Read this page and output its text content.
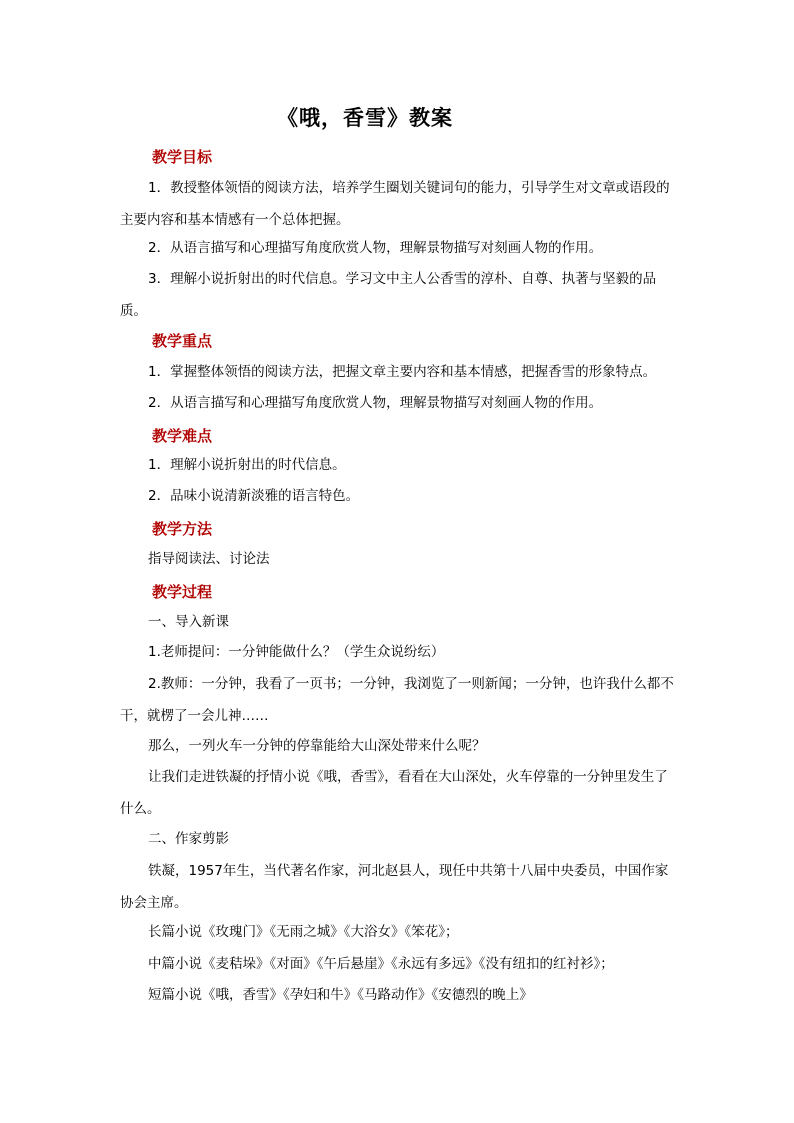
《哦，香雪》教案
教学目标
1．教授整体领悟的阅读方法，培养学生圈划关键词句的能力，引导学生对文章或语段的主要内容和基本情感有一个总体把握。
2．从语言描写和心理描写角度欣赏人物，理解景物描写对刻画人物的作用。
3．理解小说折射出的时代信息。学习文中主人公香雪的淳朴、自尊、执著与坚毅的品质。
教学重点
1．掌握整体领悟的阅读方法，把握文章主要内容和基本情感，把握香雪的形象特点。
2．从语言描写和心理描写角度欣赏人物，理解景物描写对刻画人物的作用。
教学难点
1．理解小说折射出的时代信息。
2．品味小说清新淡雅的语言特色。
教学方法
指导阅读法、讨论法
教学过程
一、导入新课
1.老师提问：一分钟能做什么？（学生众说纷纭）
2.教师：一分钟，我看了一页书；一分钟，我浏览了一则新闻；一分钟，也许我什么都不干，就楞了一会儿神……
那么，一列火车一分钟的停靠能给大山深处带来什么呢？
让我们走进铁凝的抒情小说《哦，香雪》，看看在大山深处，火车停靠的一分钟里发生了什么。
二、作家剪影
铁凝，1957年生，当代著名作家，河北赵县人，现任中共第十八届中央委员，中国作家协会主席。
长篇小说《玫瑰门》《无雨之城》《大浴女》《笨花》；
中篇小说《麦秸垛》《对面》《午后悬崖》《永远有多远》《没有纽扣的红衬衫》；
短篇小说《哦，香雪》《孕妇和牛》《马路动作》《安德烈的晚上》
